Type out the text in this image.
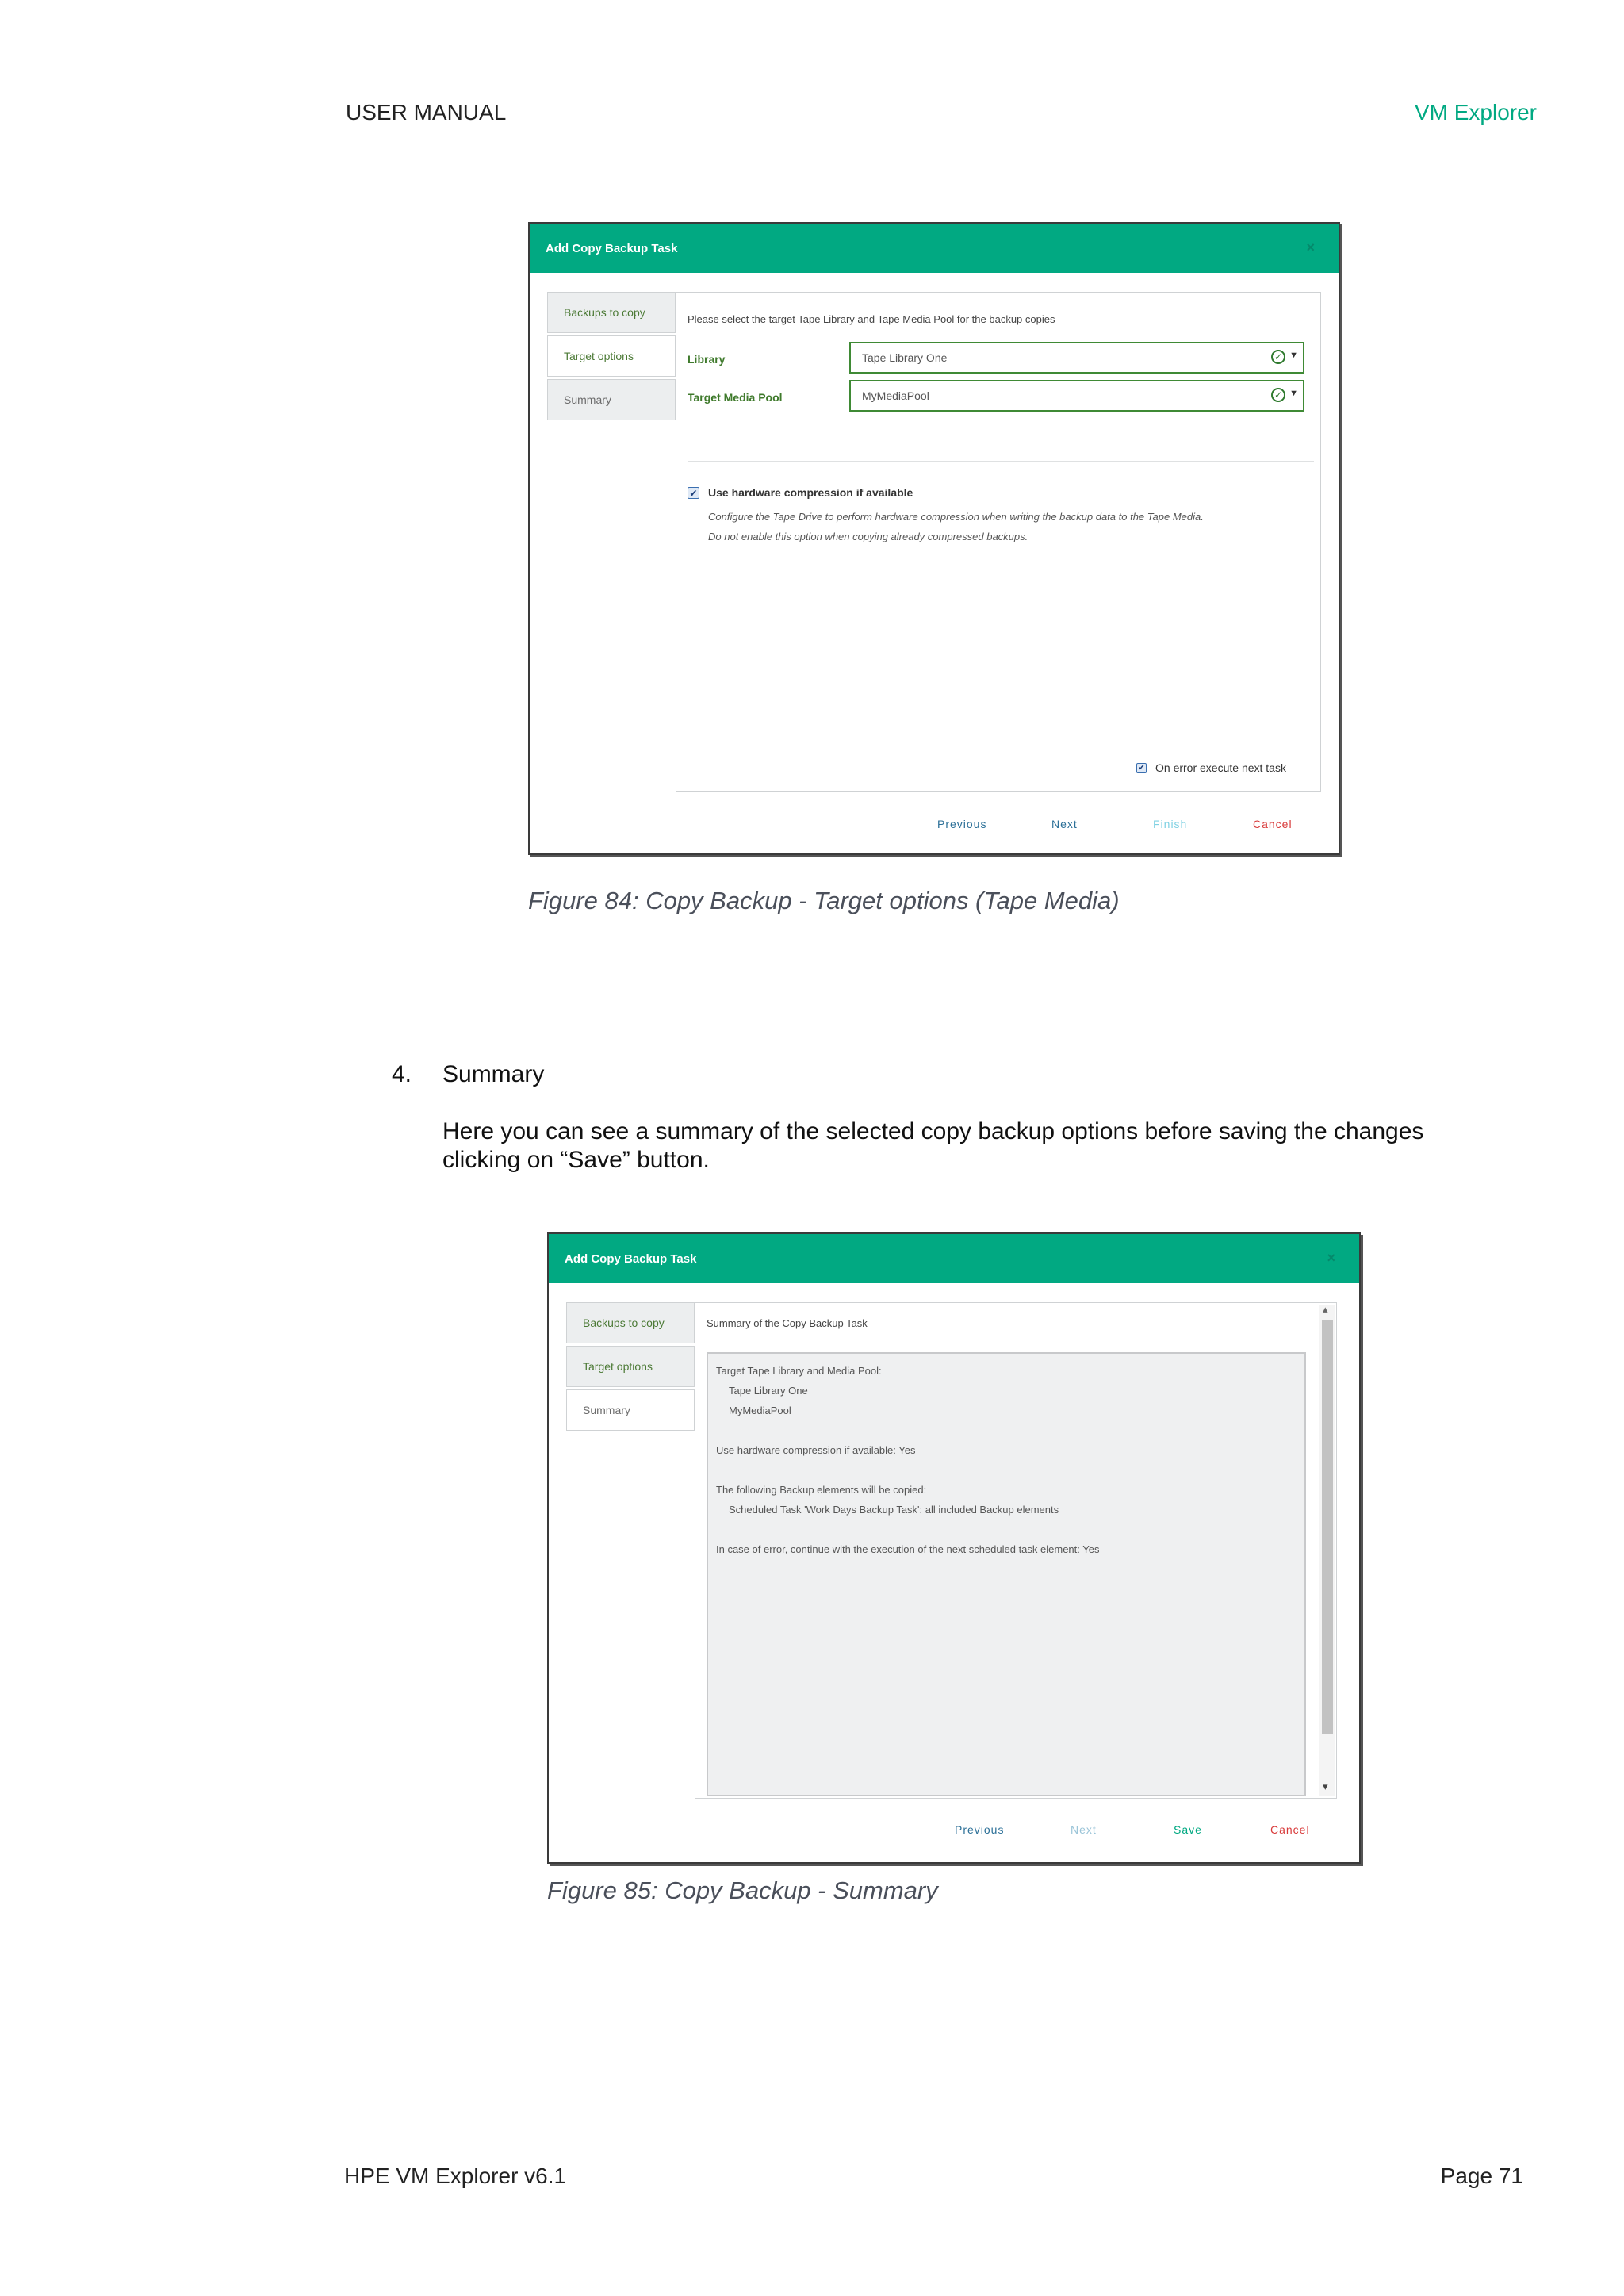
USER MANUAL	VM Explorer
Add Copy Backup Task	×
Backups to copy
Target options
Summary
Please select the target Tape Library and Tape Media Pool for the backup copies
Library	Tape Library One	✓ ▼
Target Media Pool	MyMediaPool	✓ ▼
✔ Use hardware compression if available
Configure the Tape Drive to perform hardware compression when writing the backup data to the Tape Media.
Do not enable this option when copying already compressed backups.
✔ On error execute next task
Previous	Next	Finish	Cancel
Figure 84: Copy Backup - Target options (Tape Media)
4. Summary
Here you can see a summary of the selected copy backup options before saving the changes
clicking on “Save” button.
Add Copy Backup Task	×
Backups to copy
Target options
Summary
Summary of the Copy Backup Task
Target Tape Library and Media Pool:
Tape Library One
MyMediaPool
Use hardware compression if available: Yes
The following Backup elements will be copied:
Scheduled Task 'Work Days Backup Task': all included Backup elements
In case of error, continue with the execution of the next scheduled task element: Yes
▴
▾
Previous	Next	Save	Cancel
Figure 85: Copy Backup - Summary
HPE VM Explorer v6.1	Page 71
